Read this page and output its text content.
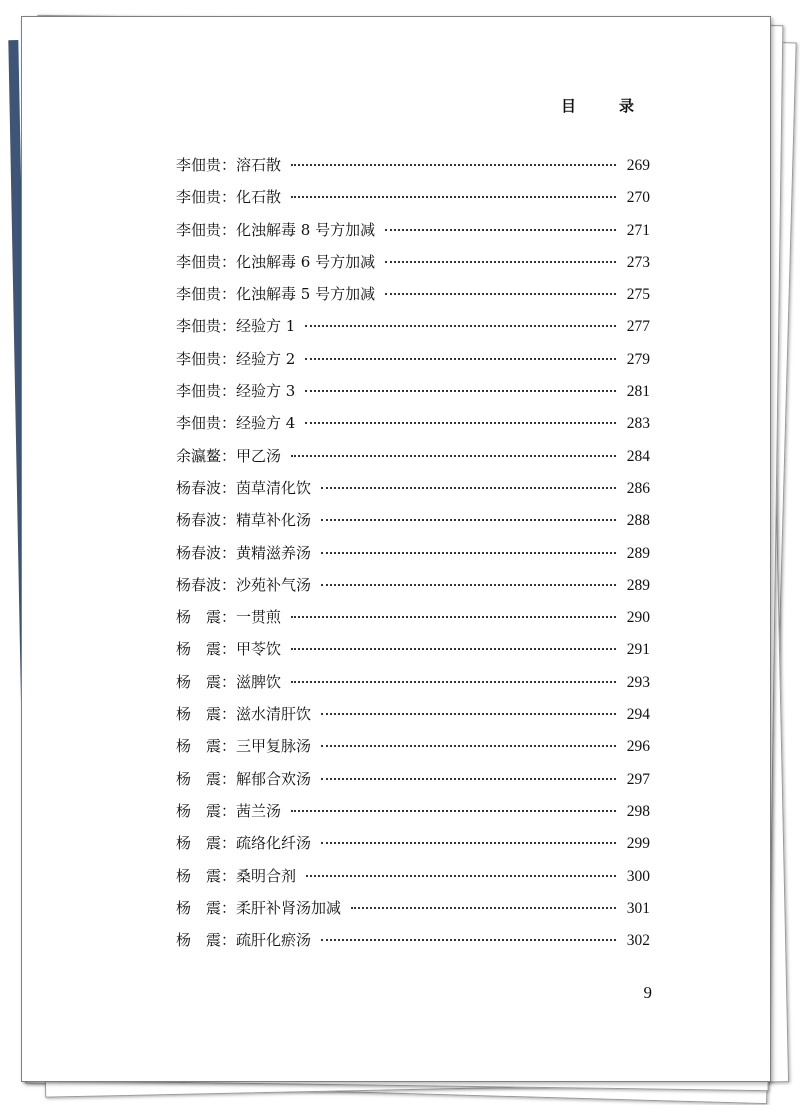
目　录
李佃贵： 溶石散	269
李佃贵： 化石散	270
李佃贵： 化浊解毒 8 号方加减	271
李佃贵： 化浊解毒 6 号方加减	273
李佃贵： 化浊解毒 5 号方加减	275
李佃贵： 经验方 1	277
李佃贵： 经验方 2	279
李佃贵： 经验方 3	281
李佃贵： 经验方 4	283
余瀛鳌： 甲乙汤	284
杨春波： 茵草清化饮	286
杨春波： 精草补化汤	288
杨春波： 黄精滋养汤	289
杨春波： 沙苑补气汤	289
杨　震： 一贯煎	290
杨　震： 甲苓饮	291
杨　震： 滋脾饮	293
杨　震： 滋水清肝饮	294
杨　震： 三甲复脉汤	296
杨　震： 解郁合欢汤	297
杨　震： 茜兰汤	298
杨　震： 疏络化纤汤	299
杨　震： 桑明合剂	300
杨　震： 柔肝补肾汤加减	301
杨　震： 疏肝化瘀汤	302
9
